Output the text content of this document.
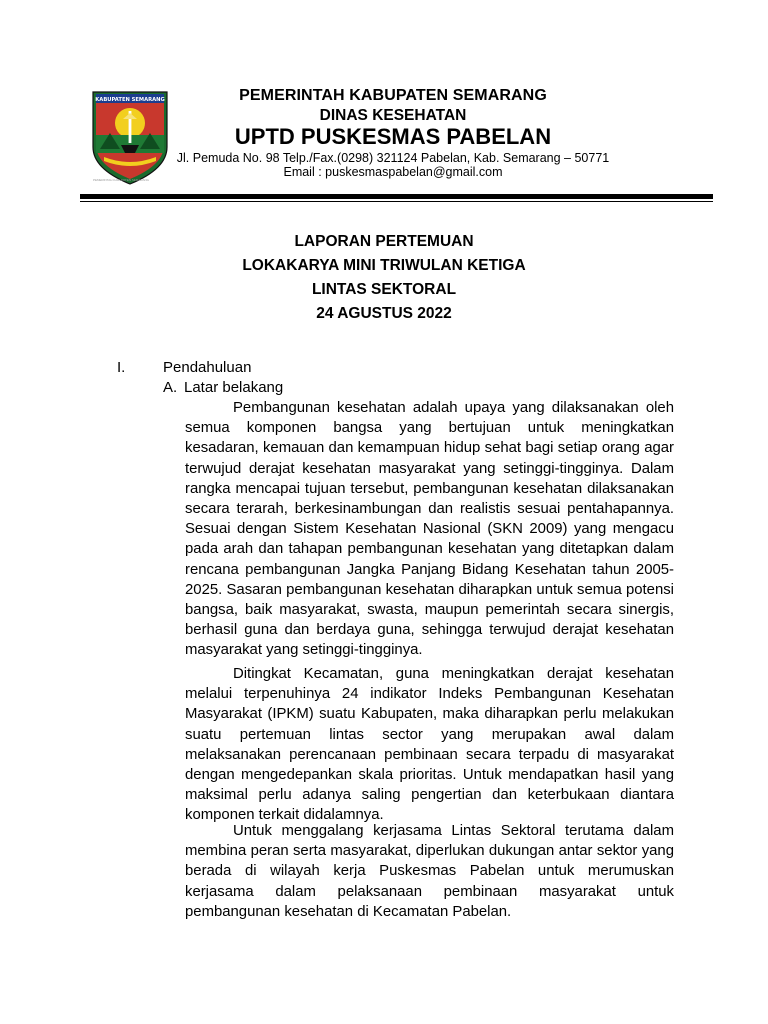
KABUPATEN SEMARANG
PEMERINTAH KABUPATEN SEMARANG
PEMERINTAH KABUPATEN SEMARANG
DINAS KESEHATAN
UPTD PUSKESMAS PABELAN
Jl. Pemuda No. 98 Telp./Fax.(0298) 321124 Pabelan, Kab. Semarang – 50771
Email : puskesmaspabelan@gmail.com
LAPORAN PERTEMUAN
LOKAKARYA MINI TRIWULAN KETIGA
LINTAS SEKTORAL
24 AGUSTUS 2022
I.	Pendahuluan
A. Latar belakang

Pembangunan kesehatan adalah upaya yang dilaksanakan oleh semua komponen bangsa yang bertujuan untuk meningkatkan kesadaran, kemauan dan kemampuan hidup sehat bagi setiap orang agar terwujud derajat kesehatan masyarakat yang setinggi-tingginya. Dalam rangka mencapai tujuan tersebut, pembangunan kesehatan dilaksanakan secara terarah, berkesinambungan dan realistis sesuai pentahapannya. Sesuai dengan Sistem Kesehatan Nasional (SKN 2009) yang mengacu pada arah dan tahapan pembangunan kesehatan yang ditetapkan dalam rencana pembangunan Jangka Panjang Bidang Kesehatan tahun 2005-2025. Sasaran pembangunan kesehatan diharapkan untuk semua potensi bangsa, baik masyarakat, swasta, maupun pemerintah secara sinergis, berhasil guna dan berdaya guna, sehingga terwujud derajat kesehatan masyarakat yang setinggi-tingginya.

Ditingkat Kecamatan, guna meningkatkan derajat kesehatan melalui terpenuhinya 24 indikator Indeks Pembangunan Kesehatan Masyarakat (IPKM) suatu Kabupaten, maka diharapkan perlu melakukan suatu pertemuan lintas sector yang merupakan awal dalam melaksanakan perencanaan pembinaan secara terpadu di masyarakat dengan mengedepankan skala prioritas. Untuk mendapatkan hasil yang maksimal perlu adanya saling pengertian dan keterbukaan diantara komponen terkait didalamnya.

Untuk menggalang kerjasama Lintas Sektoral terutama dalam membina peran serta masyarakat, diperlukan dukungan antar sektor yang berada di wilayah kerja Puskesmas Pabelan untuk merumuskan kerjasama dalam pelaksanaan pembinaan masyarakat untuk pembangunan kesehatan di Kecamatan Pabelan.
